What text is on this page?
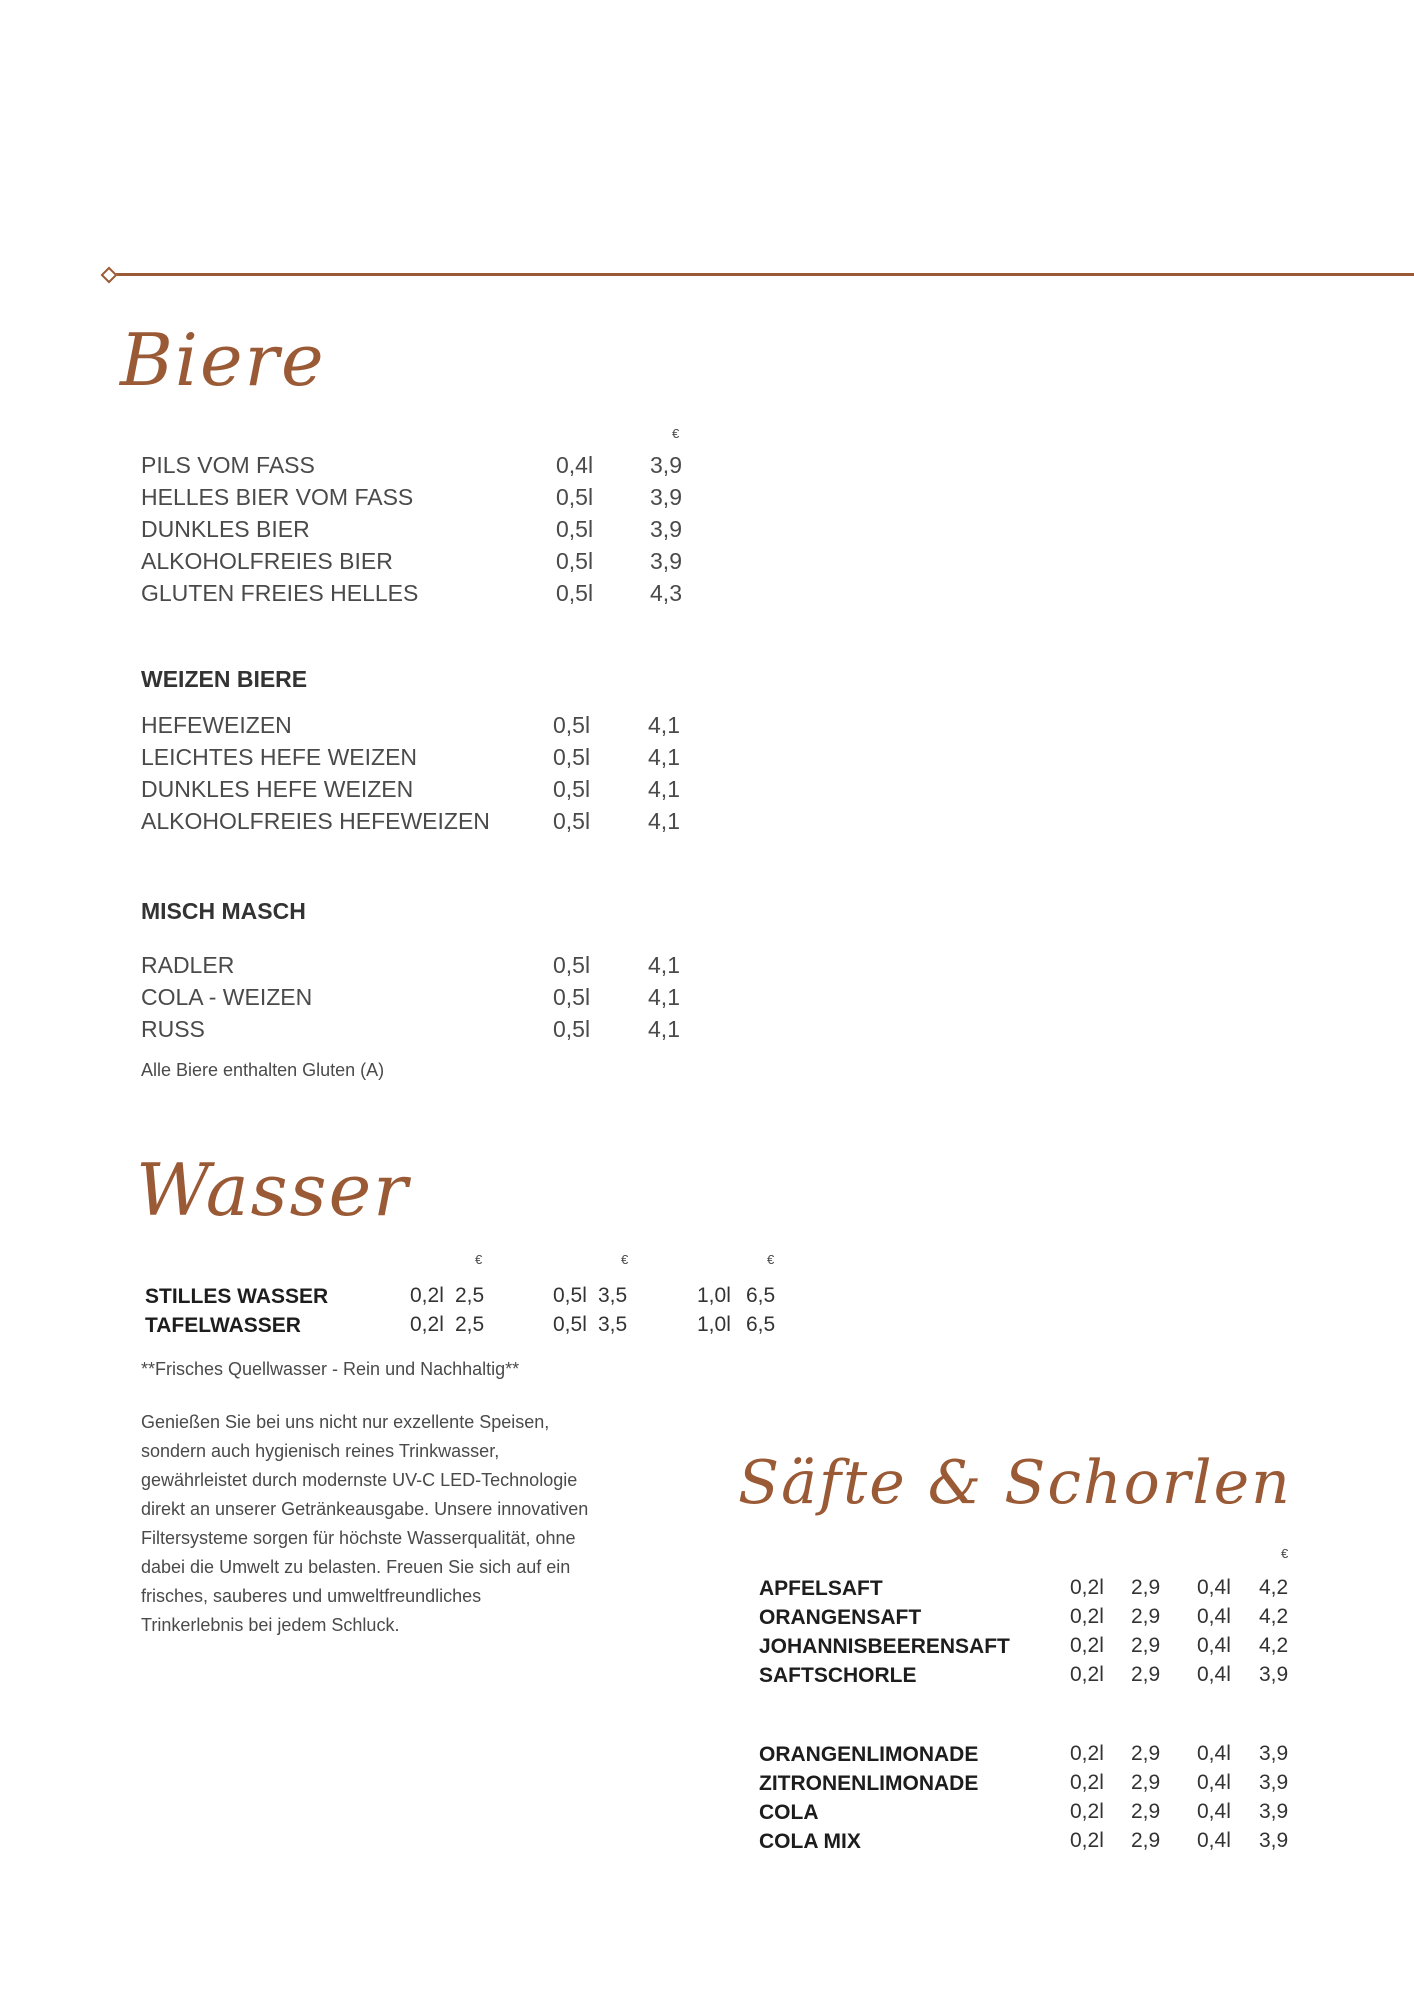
Biere
€
PILS VOM FASS	0,4l	3,9
HELLES BIER VOM FASS	0,5l	3,9
DUNKLES BIER	0,5l	3,9
ALKOHOLFREIES BIER	0,5l	3,9
GLUTEN FREIES HELLES	0,5l	4,3
WEIZEN BIERE
HEFEWEIZEN	0,5l	4,1
LEICHTES HEFE WEIZEN	0,5l	4,1
DUNKLES HEFE WEIZEN	0,5l	4,1
ALKOHOLFREIES HEFEWEIZEN	0,5l	4,1
MISCH MASCH
RADLER	0,5l	4,1
COLA - WEIZEN	0,5l	4,1
RUSS	0,5l	4,1
Alle Biere enthalten Gluten (A)
Wasser
€	€	€
STILLES WASSER	0,2l 2,5	0,5l 3,5	1,0l 6,5
TAFELWASSER	0,2l 2,5	0,5l 3,5	1,0l 6,5
**Frisches Quellwasser - Rein und Nachhaltig**
Genießen Sie bei uns nicht nur exzellente Speisen,
sondern auch hygienisch reines Trinkwasser,
gewährleistet durch modernste UV-C LED-Technologie
direkt an unserer Getränkeausgabe. Unsere innovativen
Filtersysteme sorgen für höchste Wasserqualität, ohne
dabei die Umwelt zu belasten. Freuen Sie sich auf ein
frisches, sauberes und umweltfreundliches
Trinkerlebnis bei jedem Schluck.
Säfte & Schorlen
€
APFELSAFT	0,2l 2,9 0,4l 4,2
ORANGENSAFT	0,2l 2,9 0,4l 4,2
JOHANNISBEERENSAFT	0,2l 2,9 0,4l 4,2
SAFTSCHORLE	0,2l 2,9 0,4l 3,9
ORANGENLIMONADE	0,2l 2,9 0,4l 3,9
ZITRONENLIMONADE	0,2l 2,9 0,4l 3,9
COLA	0,2l 2,9 0,4l 3,9
COLA MIX	0,2l 2,9 0,4l 3,9
